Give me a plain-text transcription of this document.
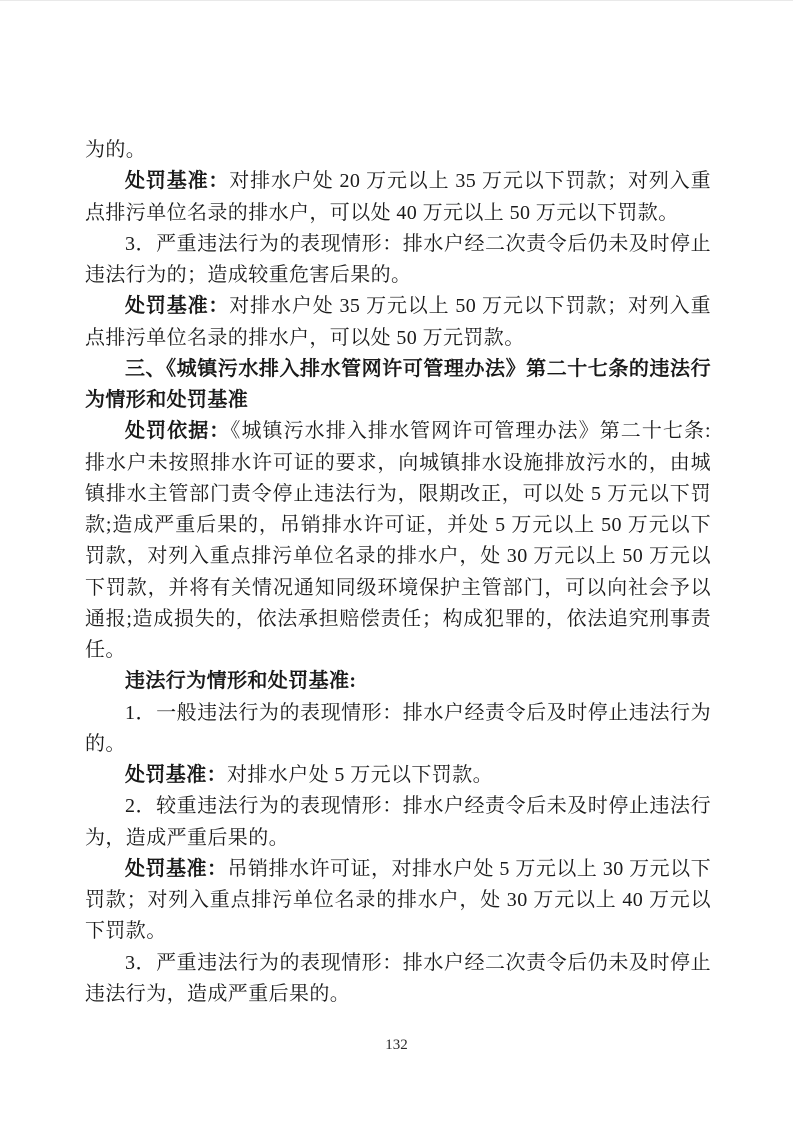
为的。

处罚基准：对排水户处 20 万元以上 35 万元以下罚款；对列入重点排污单位名录的排水户，可以处 40 万元以上 50 万元以下罚款。

3．严重违法行为的表现情形：排水户经二次责令后仍未及时停止违法行为的；造成较重危害后果的。

处罚基准：对排水户处 35 万元以上 50 万元以下罚款；对列入重点排污单位名录的排水户，可以处 50 万元罚款。

三、《城镇污水排入排水管网许可管理办法》第二十七条的违法行为情形和处罚基准

处罚依据：《城镇污水排入排水管网许可管理办法》第二十七条:排水户未按照排水许可证的要求，向城镇排水设施排放污水的，由城镇排水主管部门责令停止违法行为，限期改正，可以处 5 万元以下罚款;造成严重后果的，吊销排水许可证，并处 5 万元以上 50 万元以下罚款，对列入重点排污单位名录的排水户，处 30 万元以上 50 万元以下罚款，并将有关情况通知同级环境保护主管部门，可以向社会予以通报;造成损失的，依法承担赔偿责任；构成犯罪的，依法追究刑事责任。

违法行为情形和处罚基准:

1．一般违法行为的表现情形：排水户经责令后及时停止违法行为的。

处罚基准：对排水户处 5 万元以下罚款。

2．较重违法行为的表现情形：排水户经责令后未及时停止违法行为，造成严重后果的。

处罚基准：吊销排水许可证，对排水户处 5 万元以上 30 万元以下罚款；对列入重点排污单位名录的排水户，处 30 万元以上 40 万元以下罚款。

3．严重违法行为的表现情形：排水户经二次责令后仍未及时停止违法行为，造成严重后果的。

132
